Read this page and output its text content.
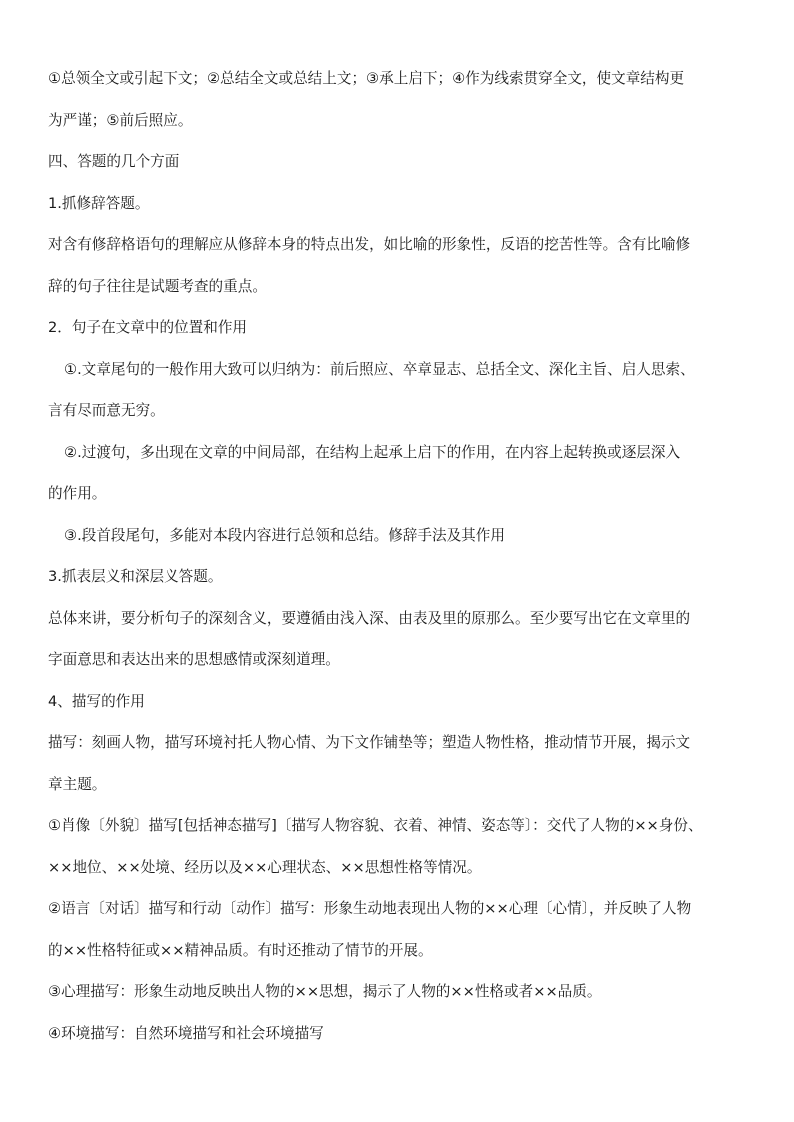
①总领全文或引起下文；②总结全文或总结上文；③承上启下；④作为线索贯穿全文，使文章结构更
为严谨；⑤前后照应。
四、答题的几个方面
1.抓修辞答题。
对含有修辞格语句的理解应从修辞本身的特点出发，如比喻的形象性，反语的挖苦性等。含有比喻修
辞的句子往往是试题考查的重点。
2．句子在文章中的位置和作用
①.文章尾句的一般作用大致可以归纳为：前后照应、卒章显志、总括全文、深化主旨、启人思索、
言有尽而意无穷。
②.过渡句，多出现在文章的中间局部，在结构上起承上启下的作用，在内容上起转换或逐层深入
的作用。
③.段首段尾句，多能对本段内容进行总领和总结。修辞手法及其作用
3.抓表层义和深层义答题。
总体来讲，要分析句子的深刻含义，要遵循由浅入深、由表及里的原那么。至少要写出它在文章里的
字面意思和表达出来的思想感情或深刻道理。
4、描写的作用
描写：刻画人物，描写环境衬托人物心情、为下文作铺垫等；塑造人物性格，推动情节开展，揭示文
章主题。
①肖像〔外貌〕描写[包括神态描写]〔描写人物容貌、衣着、神情、姿态等〕：交代了人物的××身份、
××地位、××处境、经历以及××心理状态、××思想性格等情况。
②语言〔对话〕描写和行动〔动作〕描写：形象生动地表现出人物的××心理〔心情〕，并反映了人物
的××性格特征或××精神品质。有时还推动了情节的开展。
③心理描写：形象生动地反映出人物的××思想，揭示了人物的××性格或者××品质。
④环境描写：自然环境描写和社会环境描写
